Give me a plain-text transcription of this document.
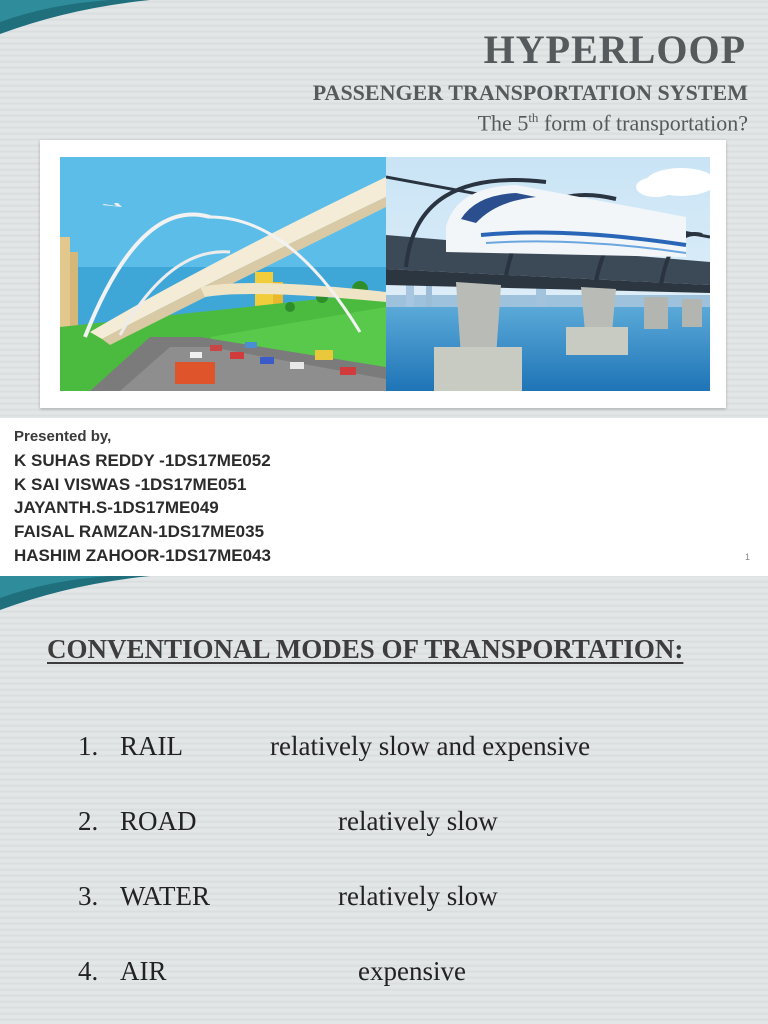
HYPERLOOP
PASSENGER TRANSPORTATION SYSTEM
The 5th form of transportation?
Presented by,
K SUHAS REDDY -1DS17ME052
K SAI VISWAS -1DS17ME051
JAYANTH.S-1DS17ME049
FAISAL RAMZAN-1DS17ME035
HASHIM ZAHOOR-1DS17ME043	1
CONVENTIONAL MODES OF TRANSPORTATION:
1. RAIL	relatively slow and expensive
2. ROAD	relatively slow
3. WATER	relatively slow
4. AIR	expensive
